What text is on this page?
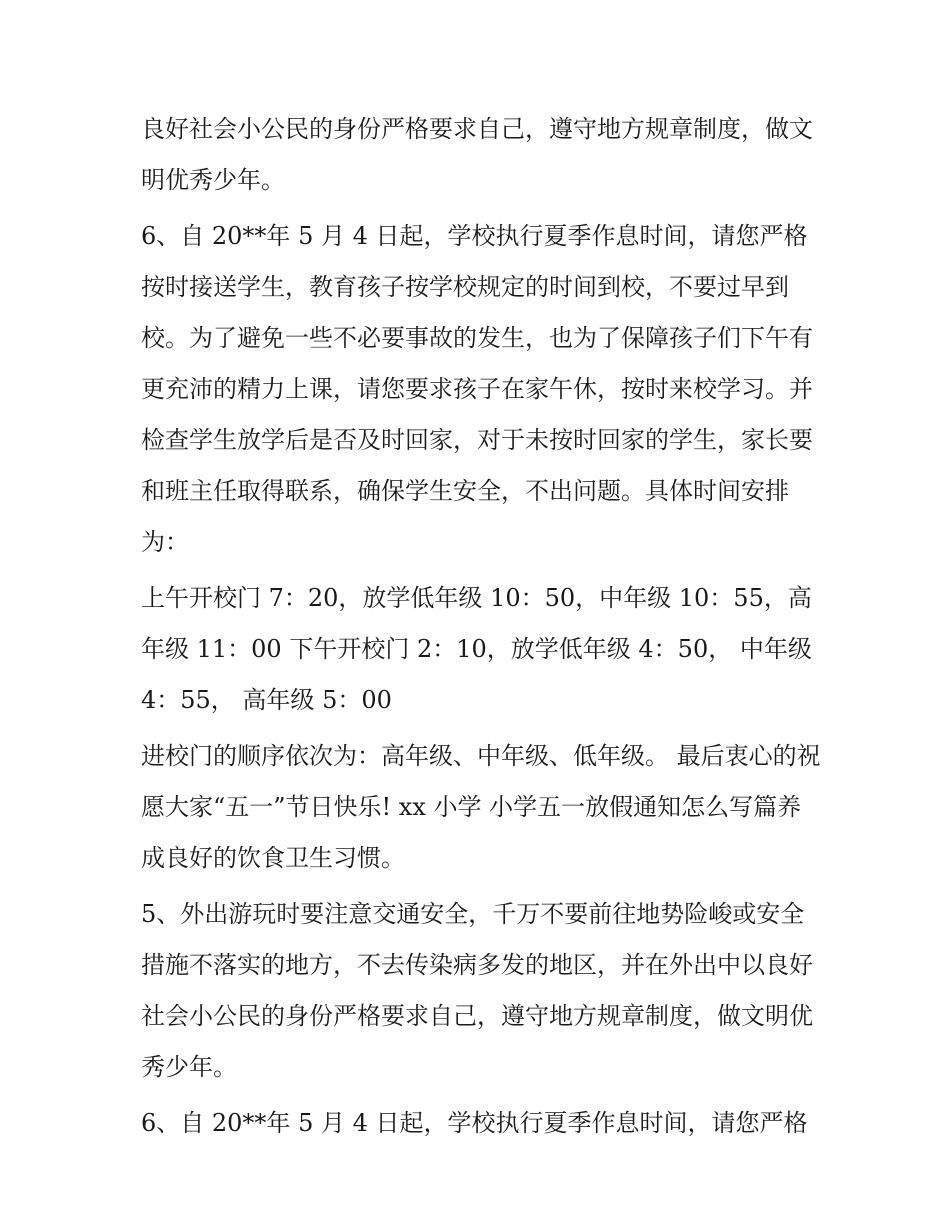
良好社会小公民的身份严格要求自己，遵守地方规章制度，做文明优秀少年。

6、自 20**年 5 月 4 日起，学校执行夏季作息时间，请您严格按时接送学生，教育孩子按学校规定的时间到校，不要过早到校。为了避免一些不必要事故的发生，也为了保障孩子们下午有更充沛的精力上课，请您要求孩子在家午休，按时来校学习。并检查学生放学后是否及时回家，对于未按时回家的学生，家长要和班主任取得联系，确保学生安全，不出问题。具体时间安排为：

上午开校门 7：20，放学低年级 10：50，中年级 10：55，高年级 11：00 下午开校门 2：10，放学低年级 4：50， 中年级 4：55， 高年级 5：00

进校门的顺序依次为：高年级、中年级、低年级。 最后衷心的祝愿大家“五一”节日快乐! xx 小学 小学五一放假通知怎么写篇养成良好的饮食卫生习惯。

5、外出游玩时要注意交通安全，千万不要前往地势险峻或安全措施不落实的地方，不去传染病多发的地区，并在外出中以良好社会小公民的身份严格要求自己，遵守地方规章制度，做文明优秀少年。

6、自 20**年 5 月 4 日起，学校执行夏季作息时间，请您严格
